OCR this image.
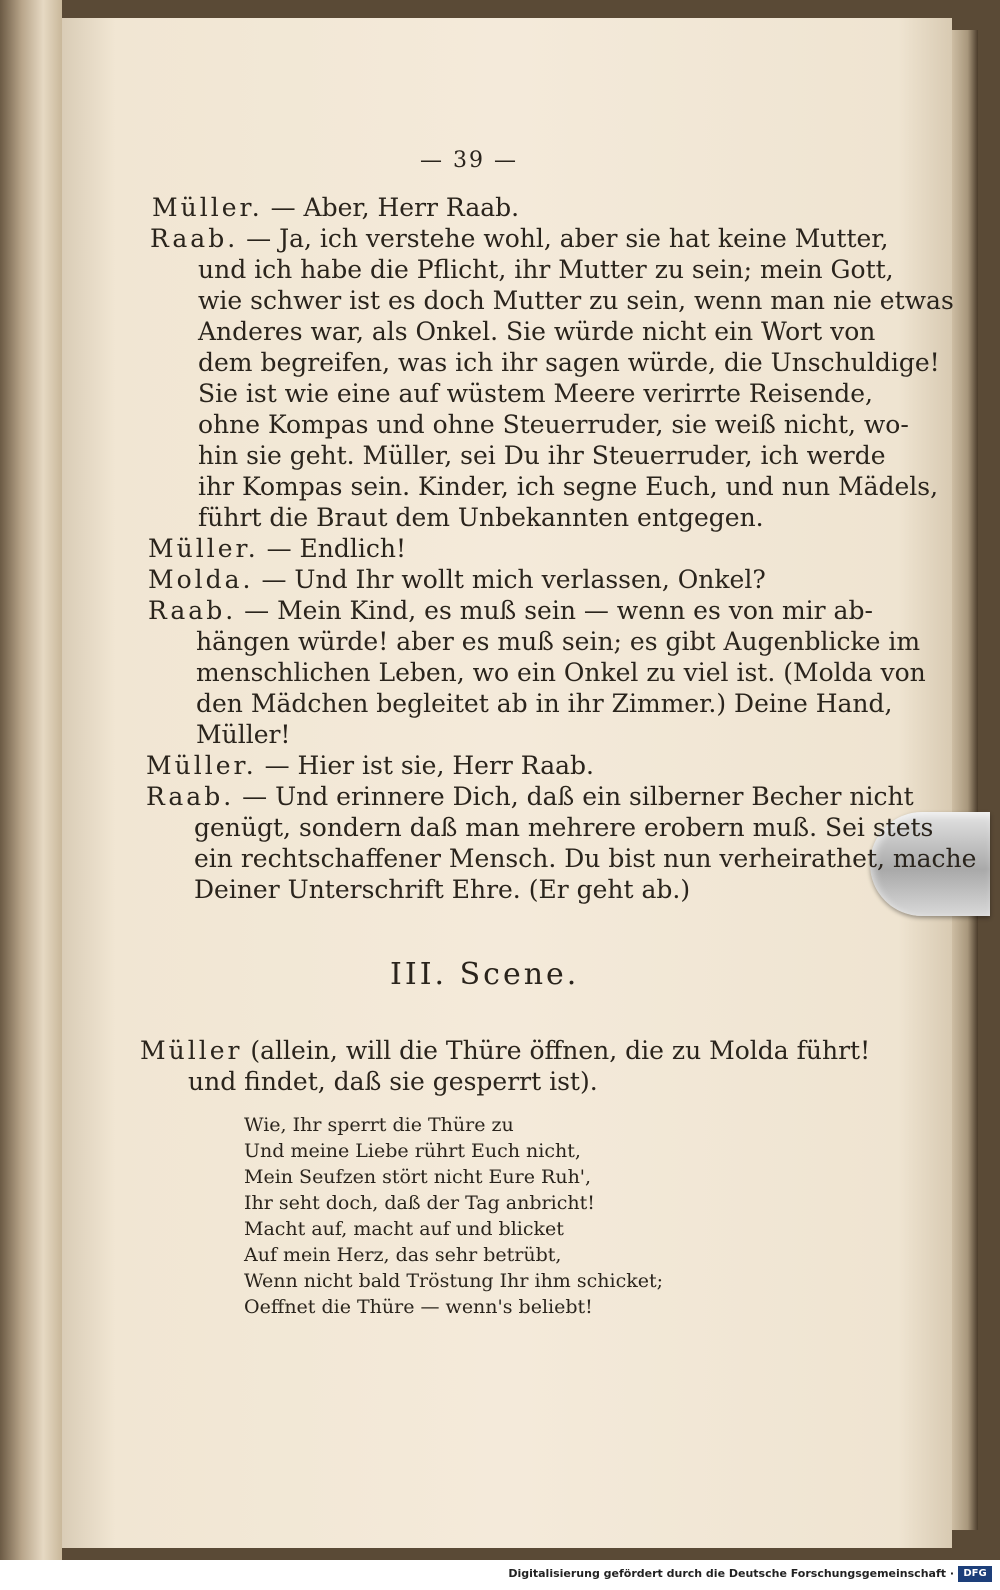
— 39 —
Müller. — Aber, Herr Raab.
Raab. — Ja, ich verstehe wohl, aber sie hat keine Mutter,
und ich habe die Pflicht, ihr Mutter zu sein; mein Gott,
wie schwer ist es doch Mutter zu sein, wenn man nie etwas
Anderes war, als Onkel. Sie würde nicht ein Wort von
dem begreifen, was ich ihr sagen würde, die Unschuldige!
Sie ist wie eine auf wüstem Meere verirrte Reisende,
ohne Kompas und ohne Steuerruder, sie weiß nicht, wo-
hin sie geht. Müller, sei Du ihr Steuerruder, ich werde
ihr Kompas sein. Kinder, ich segne Euch, und nun Mädels,
führt die Braut dem Unbekannten entgegen.
Müller. — Endlich!
Molda. — Und Ihr wollt mich verlassen, Onkel?
Raab. — Mein Kind, es muß sein — wenn es von mir ab-
hängen würde! aber es muß sein; es gibt Augenblicke im
menschlichen Leben, wo ein Onkel zu viel ist. (Molda von
den Mädchen begleitet ab in ihr Zimmer.) Deine Hand,
Müller!
Müller. — Hier ist sie, Herr Raab.
Raab. — Und erinnere Dich, daß ein silberner Becher nicht
genügt, sondern daß man mehrere erobern muß. Sei stets
ein rechtschaffener Mensch. Du bist nun verheirathet, mache
Deiner Unterschrift Ehre. (Er geht ab.)
III. Scene.
Müller (allein, will die Thüre öffnen, die zu Molda führt!
und findet, daß sie gesperrt ist).
Wie, Ihr sperrt die Thüre zu
Und meine Liebe rührt Euch nicht,
Mein Seufzen stört nicht Eure Ruh',
Ihr seht doch, daß der Tag anbricht!
Macht auf, macht auf und blicket
Auf mein Herz, das sehr betrübt,
Wenn nicht bald Tröstung Ihr ihm schicket;
Oeffnet die Thüre — wenn's beliebt!
Digitalisierung gefördert durch die Deutsche Forschungsgemeinschaft · DFG
